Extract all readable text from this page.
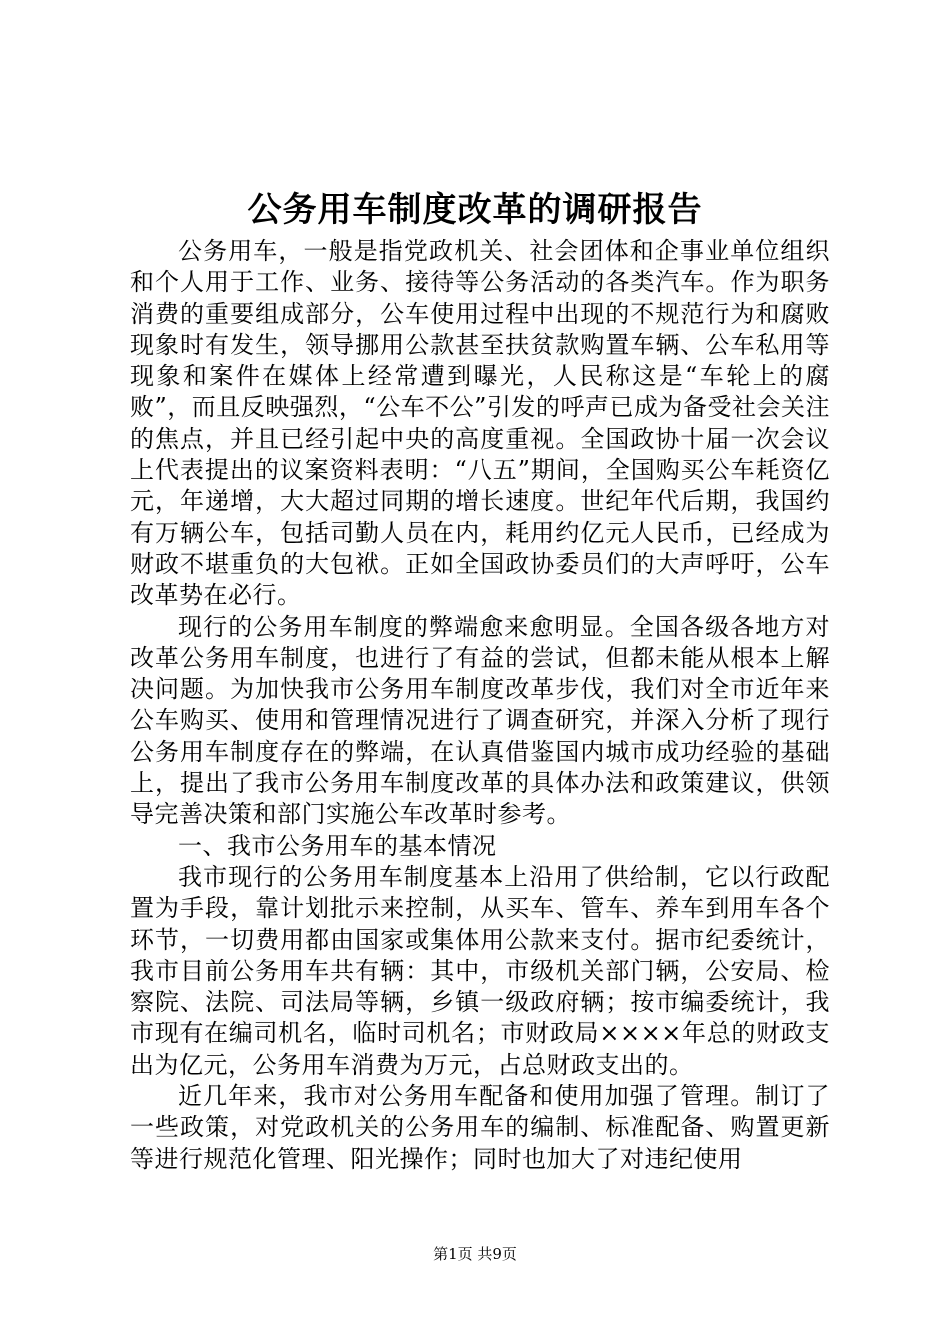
公务用车制度改革的调研报告

公务用车，一般是指党政机关、社会团体和企事业单位组织和个人用于工作、业务、接待等公务活动的各类汽车。作为职务消费的重要组成部分，公车使用过程中出现的不规范行为和腐败现象时有发生，领导挪用公款甚至扶贫款购置车辆、公车私用等现象和案件在媒体上经常遭到曝光，人民称这是“车轮上的腐败”，而且反映强烈，“公车不公”引发的呼声已成为备受社会关注的焦点，并且已经引起中央的高度重视。全国政协十届一次会议上代表提出的议案资料表明：“八五”期间，全国购买公车耗资亿元，年递增，大大超过同期的增长速度。世纪年代后期，我国约有万辆公车，包括司勤人员在内，耗用约亿元人民币，已经成为财政不堪重负的大包袱。正如全国政协委员们的大声呼吁，公车改革势在必行。

现行的公务用车制度的弊端愈来愈明显。全国各级各地方对改革公务用车制度，也进行了有益的尝试，但都未能从根本上解决问题。为加快我市公务用车制度改革步伐，我们对全市近年来公车购买、使用和管理情况进行了调查研究，并深入分析了现行公务用车制度存在的弊端，在认真借鉴国内城市成功经验的基础上，提出了我市公务用车制度改革的具体办法和政策建议，供领导完善决策和部门实施公车改革时参考。

一、我市公务用车的基本情况

我市现行的公务用车制度基本上沿用了供给制，它以行政配置为手段，靠计划批示来控制，从买车、管车、养车到用车各个环节，一切费用都由国家或集体用公款来支付。据市纪委统计，我市目前公务用车共有辆：其中，市级机关部门辆，公安局、检察院、法院、司法局等辆，乡镇一级政府辆；按市编委统计，我市现有在编司机名，临时司机名；市财政局××××年总的财政支出为亿元，公务用车消费为万元，占总财政支出的。

近几年来，我市对公务用车配备和使用加强了管理。制订了一些政策，对党政机关的公务用车的编制、标准配备、购置更新等进行规范化管理、阳光操作；同时也加大了对违纪使用

第1页 共9页
